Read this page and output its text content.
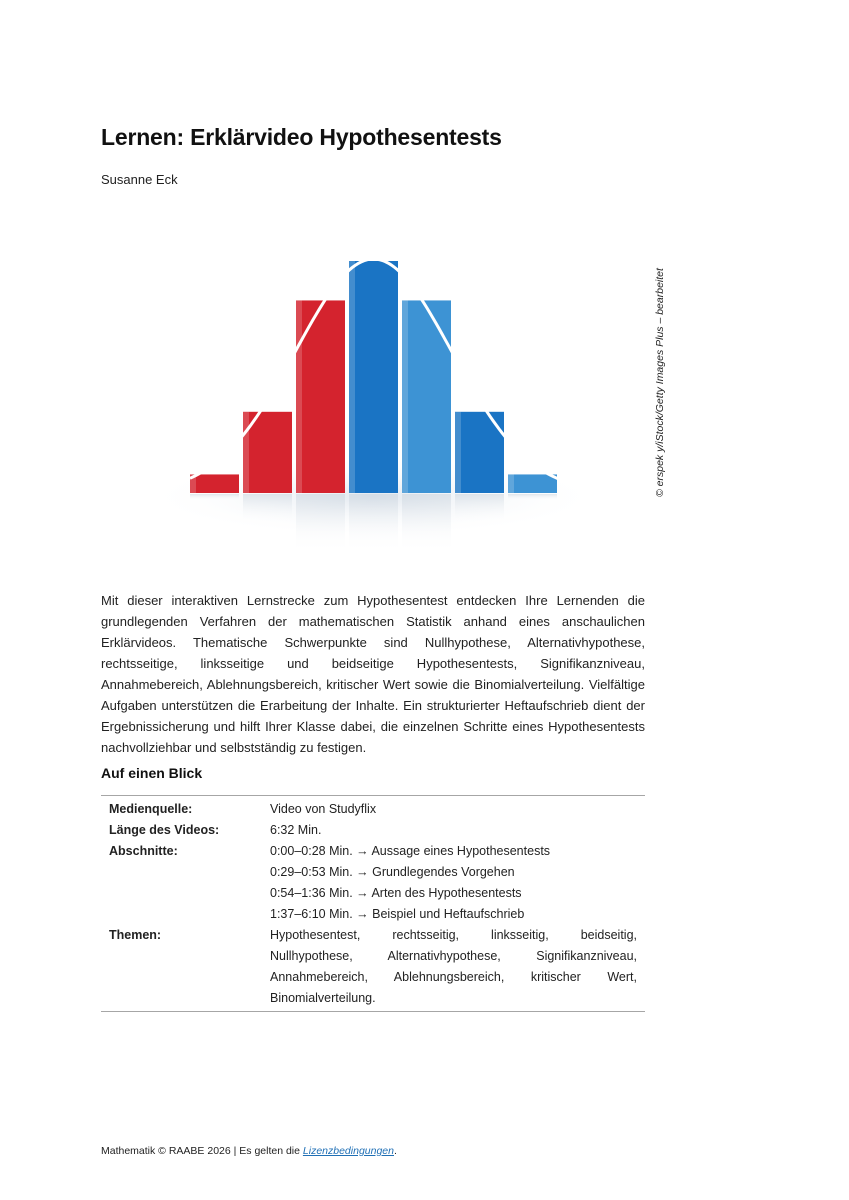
Lernen: Erklärvideo Hypothesentests
Susanne Eck
© erspek y/iStock/Getty Images Plus – bearbeitet

Mit dieser interaktiven Lernstrecke zum Hypothesentest entdecken Ihre Lernenden die grundlegenden Verfahren der mathematischen Statistik anhand eines anschaulichen Erklärvideos. Thematische Schwerpunkte sind Nullhypothese, Alternativhypothese, rechtsseitige, linksseitige und beidseitige Hypothesentests, Signifikanzniveau, Annahmebereich, Ablehnungsbereich, kritischer Wert sowie die Binomialverteilung. Vielfältige Aufgaben unterstützen die Erarbeitung der Inhalte. Ein strukturierter Heftaufschrieb dient der Ergebnissicherung und hilft Ihrer Klasse dabei, die einzelnen Schritte eines Hypothesentests nachvollziehbar und selbstständig zu festigen.

Auf einen Blick
Medienquelle:	Video von Studyflix
Länge des Videos:	6:32 Min.
Abschnitte:	0:00–0:28 Min. → Aussage eines Hypothesentests
0:29–0:53 Min. → Grundlegendes Vorgehen
0:54–1:36 Min. → Arten des Hypothesentests
1:37–6:10 Min. → Beispiel und Heftaufschrieb
Themen:	Hypothesentest, rechtsseitig, linksseitig, beidseitig, Nullhypothese, Alternativhypothese, Signifikanzniveau, Annahmebereich, Ablehnungsbereich, kritischer Wert, Binomialverteilung.
Mathematik © RAABE 2026 | Es gelten die Lizenzbedingungen.
